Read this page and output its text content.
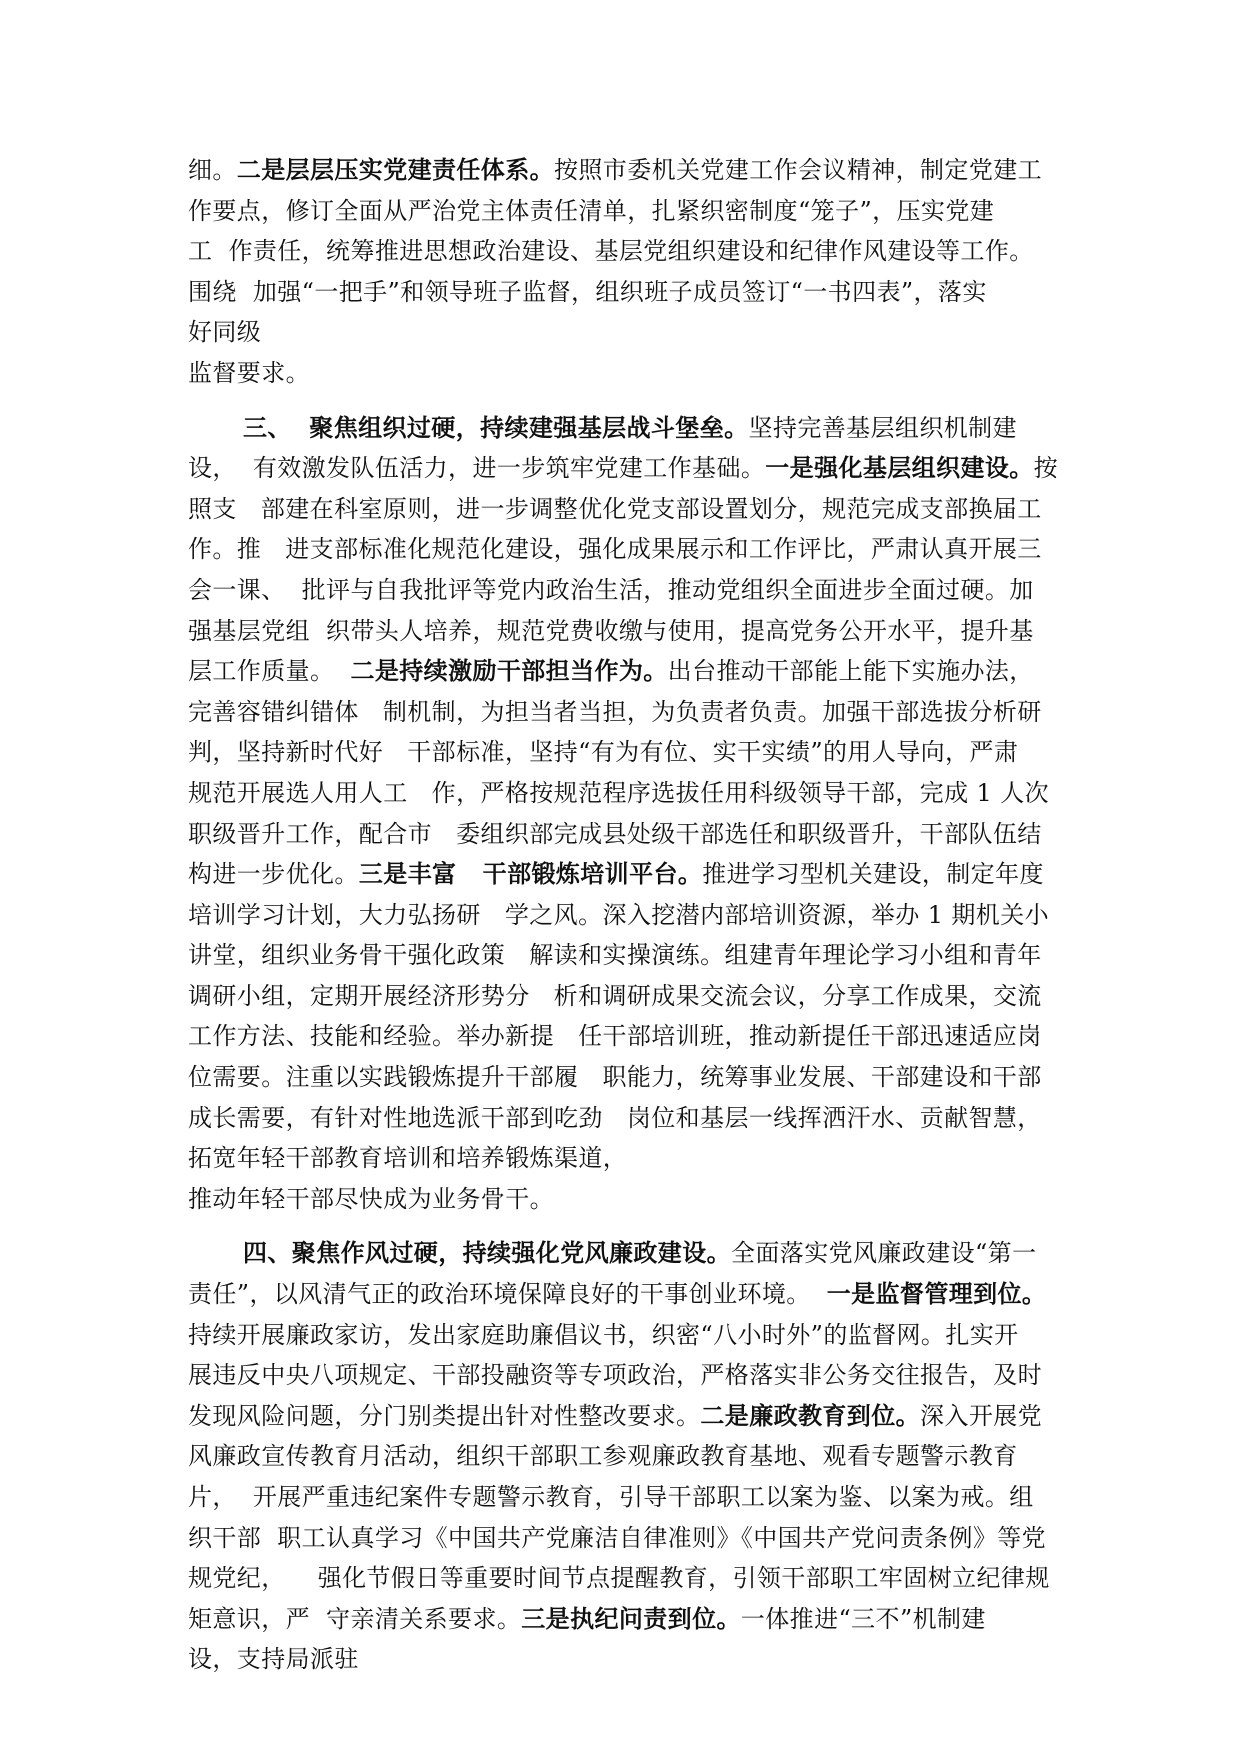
细。二是层层压实党建责任体系。按照市委机关党建工作会议精神，制定党建工
作要点，修订全面从严治党主体责任清单，扎紧织密制度“笼子”，压实党建
工  作责任，统筹推进思想政治建设、基层党组织建设和纪律作风建设等工作。
围绕  加强“一把手”和领导班子监督，组织班子成员签订“一书四表”，落实
好同级
监督要求。
三、  聚焦组织过硬，持续建强基层战斗堡垒。坚持完善基层组织机制建
设，  有效激发队伍活力，进一步筑牢党建工作基础。一是强化基层组织建设。按
照支   部建在科室原则，进一步调整优化党支部设置划分，规范完成支部换届工
作。推   进支部标准化规范化建设，强化成果展示和工作评比，严肃认真开展三
会一课、  批评与自我批评等党内政治生活，推动党组织全面进步全面过硬。加
强基层党组  织带头人培养，规范党费收缴与使用，提高党务公开水平，提升基
层工作质量。  二是持续激励干部担当作为。出台推动干部能上能下实施办法，
完善容错纠错体   制机制，为担当者当担，为负责者负责。加强干部选拔分析研
判，坚持新时代好   干部标准，坚持“有为有位、实干实绩”的用人导向，严肃
规范开展选人用人工   作，严格按规范程序选拔任用科级领导干部，完成 1 人次
职级晋升工作，配合市   委组织部完成县处级干部选任和职级晋升，干部队伍结
构进一步优化。三是丰富   干部锻炼培训平台。推进学习型机关建设，制定年度
培训学习计划，大力弘扬研   学之风。深入挖潜内部培训资源，举办 1 期机关小
讲堂，组织业务骨干强化政策   解读和实操演练。组建青年理论学习小组和青年
调研小组，定期开展经济形势分   析和调研成果交流会议，分享工作成果，交流
工作方法、技能和经验。举办新提   任干部培训班，推动新提任干部迅速适应岗
位需要。注重以实践锻炼提升干部履   职能力，统筹事业发展、干部建设和干部
成长需要，有针对性地选派干部到吃劲   岗位和基层一线挥洒汗水、贡献智慧，
拓宽年轻干部教育培训和培养锻炼渠道，
推动年轻干部尽快成为业务骨干。
四、聚焦作风过硬，持续强化党风廉政建设。全面落实党风廉政建设“第一
责任”，以风清气正的政治环境保障良好的干事创业环境。  一是监督管理到位。
持续开展廉政家访，发出家庭助廉倡议书，织密“八小时外”的监督网。扎实开
展违反中央八项规定、干部投融资等专项政治，严格落实非公务交往报告，及时
发现风险问题，分门别类提出针对性整改要求。二是廉政教育到位。深入开展党
风廉政宣传教育月活动，组织干部职工参观廉政教育基地、观看专题警示教育
片，  开展严重违纪案件专题警示教育，引导干部职工以案为鉴、以案为戒。组
织干部  职工认真学习《中国共产党廉洁自律准则》《中国共产党问责条例》等党
规党纪，    强化节假日等重要时间节点提醒教育，引领干部职工牢固树立纪律规
矩意识，严  守亲清关系要求。三是执纪问责到位。一体推进“三不”机制建
设，支持局派驻
